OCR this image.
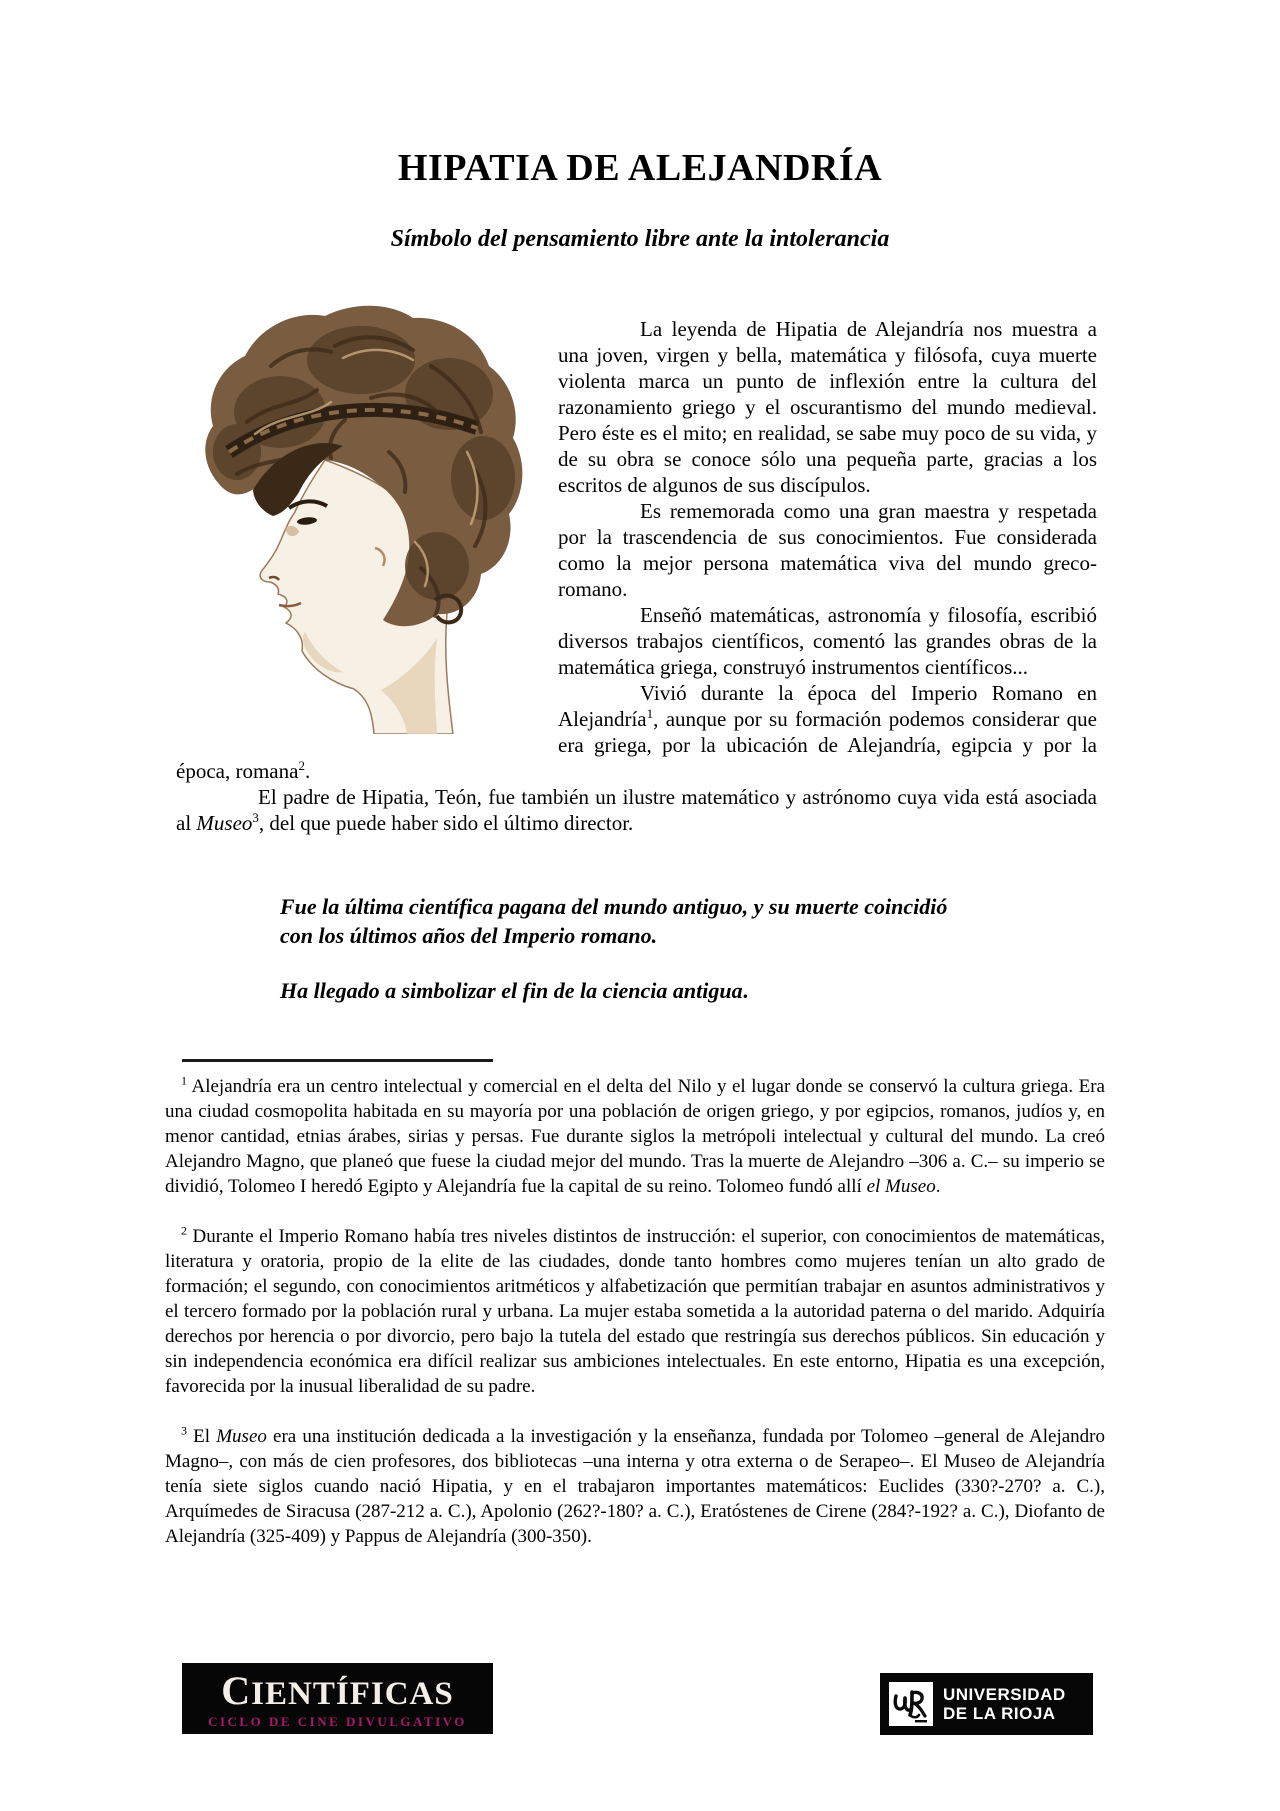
HIPATIA DE ALEJANDRÍA
Símbolo del pensamiento libre ante la intolerancia

La leyenda de Hipatia de Alejandría nos muestra a una joven, virgen y bella, matemática y filósofa, cuya muerte violenta marca un punto de inflexión entre la cultura del razonamiento griego y el oscurantismo del mundo medieval. Pero éste es el mito; en realidad, se sabe muy poco de su vida, y de su obra se conoce sólo una pequeña parte, gracias a los escritos de algunos de sus discípulos.

Es rememorada como una gran maestra y respetada por la trascendencia de sus conocimientos. Fue considerada como la mejor persona matemática viva del mundo greco-romano.

Enseñó matemáticas, astronomía y filosofía, escribió diversos trabajos científicos, comentó las grandes obras de la matemática griega, construyó instrumentos científicos...

Vivió durante la época del Imperio Romano en Alejandría$^1$, aunque por su formación podemos considerar que era griega, por la ubicación de Alejandría, egipcia y por la época, romana$^2$.

El padre de Hipatia, Teón, fue también un ilustre matemático y astrónomo cuya vida está asociada al Museo$^3$, del que puede haber sido el último director.

Fue la última científica pagana del mundo antiguo, y su muerte coincidió
con los últimos años del Imperio romano.
Ha llegado a simbolizar el fin de la ciencia antigua.

$^1$ Alejandría era un centro intelectual y comercial en el delta del Nilo y el lugar donde se conservó la cultura griega. Era una ciudad cosmopolita habitada en su mayoría por una población de origen griego, y por egipcios, romanos, judíos y, en menor cantidad, etnias árabes, sirias y persas. Fue durante siglos la metrópoli intelectual y cultural del mundo. La creó Alejandro Magno, que planeó que fuese la ciudad mejor del mundo. Tras la muerte de Alejandro –306 a. C.– su imperio se dividió, Tolomeo I heredó Egipto y Alejandría fue la capital de su reino. Tolomeo fundó allí el Museo.

$^2$ Durante el Imperio Romano había tres niveles distintos de instrucción: el superior, con conocimientos de matemáticas, literatura y oratoria, propio de la elite de las ciudades, donde tanto hombres como mujeres tenían un alto grado de formación; el segundo, con conocimientos aritméticos y alfabetización que permitían trabajar en asuntos administrativos y el tercero formado por la población rural y urbana. La mujer estaba sometida a la autoridad paterna o del marido. Adquiría derechos por herencia o por divorcio, pero bajo la tutela del estado que restringía sus derechos públicos. Sin educación y sin independencia económica era difícil realizar sus ambiciones intelectuales. En este entorno, Hipatia es una excepción, favorecida por la inusual liberalidad de su padre.

$^3$ El Museo era una institución dedicada a la investigación y la enseñanza, fundada por Tolomeo –general de Alejandro Magno–, con más de cien profesores, dos bibliotecas –una interna y otra externa o de Serapeo–. El Museo de Alejandría tenía siete siglos cuando nació Hipatia, y en el trabajaron importantes matemáticos: Euclides (330?-270? a. C.), Arquímedes de Siracusa (287-212 a. C.), Apolonio (262?-180? a. C.), Eratóstenes de Cirene (284?-192? a. C.), Diofanto de Alejandría (325-409) y Pappus de Alejandría (300-350).

CIENTÍFICAS
CICLO DE CINE DIVULGATIVO
UNIVERSIDAD
DE LA RIOJA
